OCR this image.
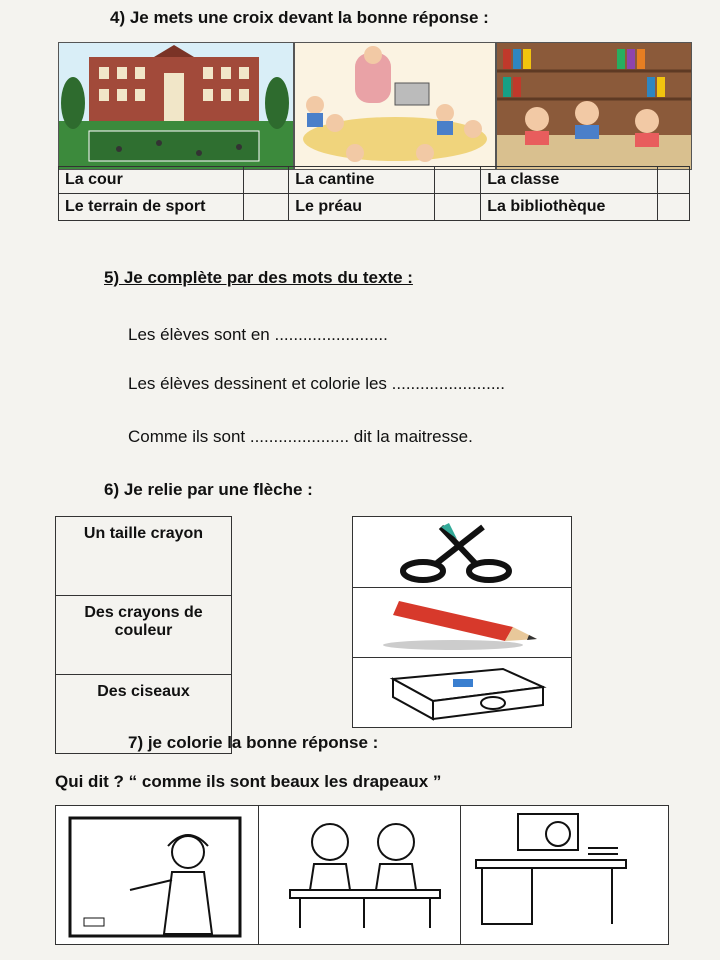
4) Je mets une croix devant la bonne réponse :
La cour		La cantine		La classe	
Le terrain de sport		Le préau		La bibliothèque	
5) Je complète par des mots du texte :
Les élèves sont en ........................
Les élèves dessinent et colorie les ........................
Comme ils sont ..................... dit la maitresse.
6) Je relie par une flèche :
Un taille crayon
Des crayons de couleur
Des ciseaux
7) je colorie la bonne réponse :
Qui dit ? “ comme ils sont beaux les drapeaux ”
